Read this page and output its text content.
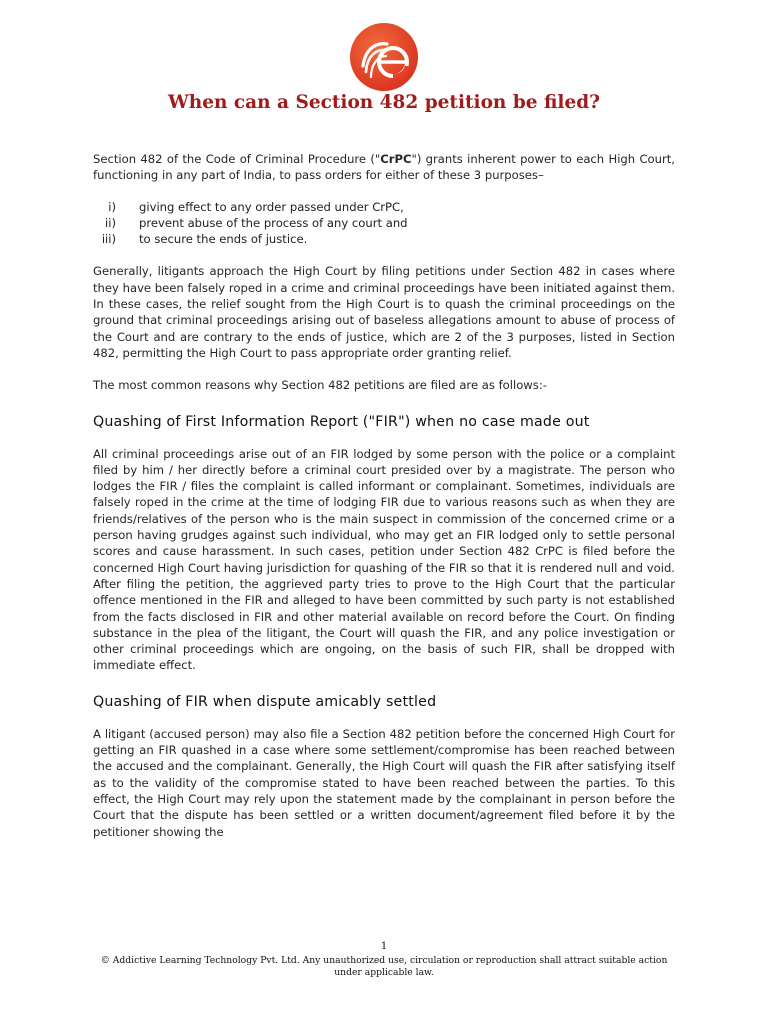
When can a Section 482 petition be filed?

Section 482 of the Code of Criminal Procedure ("CrPC") grants inherent power to each High Court, functioning in any part of India, to pass orders for either of these 3 purposes–

i) giving effect to any order passed under CrPC,
ii) prevent abuse of the process of any court and
iii) to secure the ends of justice.

Generally, litigants approach the High Court by filing petitions under Section 482 in cases where they have been falsely roped in a crime and criminal proceedings have been initiated against them. In these cases, the relief sought from the High Court is to quash the criminal proceedings on the ground that criminal proceedings arising out of baseless allegations amount to abuse of process of the Court and are contrary to the ends of justice, which are 2 of the 3 purposes, listed in Section 482, permitting the High Court to pass appropriate order granting relief.

The most common reasons why Section 482 petitions are filed are as follows:-

Quashing of First Information Report ("FIR") when no case made out

All criminal proceedings arise out of an FIR lodged by some person with the police or a complaint filed by him / her directly before a criminal court presided over by a magistrate. The person who lodges the FIR / files the complaint is called informant or complainant. Sometimes, individuals are falsely roped in the crime at the time of lodging FIR due to various reasons such as when they are friends/relatives of the person who is the main suspect in commission of the concerned crime or a person having grudges against such individual, who may get an FIR lodged only to settle personal scores and cause harassment. In such cases, petition under Section 482 CrPC is filed before the concerned High Court having jurisdiction for quashing of the FIR so that it is rendered null and void. After filing the petition, the aggrieved party tries to prove to the High Court that the particular offence mentioned in the FIR and alleged to have been committed by such party is not established from the facts disclosed in FIR and other material available on record before the Court. On finding substance in the plea of the litigant, the Court will quash the FIR, and any police investigation or other criminal proceedings which are ongoing, on the basis of such FIR, shall be dropped with immediate effect.

Quashing of FIR when dispute amicably settled

A litigant (accused person) may also file a Section 482 petition before the concerned High Court for getting an FIR quashed in a case where some settlement/compromise has been reached between the accused and the complainant. Generally, the High Court will quash the FIR after satisfying itself as to the validity of the compromise stated to have been reached between the parties. To this effect, the High Court may rely upon the statement made by the complainant in person before the Court that the dispute has been settled or a written document/agreement filed before it by the petitioner showing the

1
© Addictive Learning Technology Pvt. Ltd. Any unauthorized use, circulation or reproduction shall attract suitable action under applicable law.
